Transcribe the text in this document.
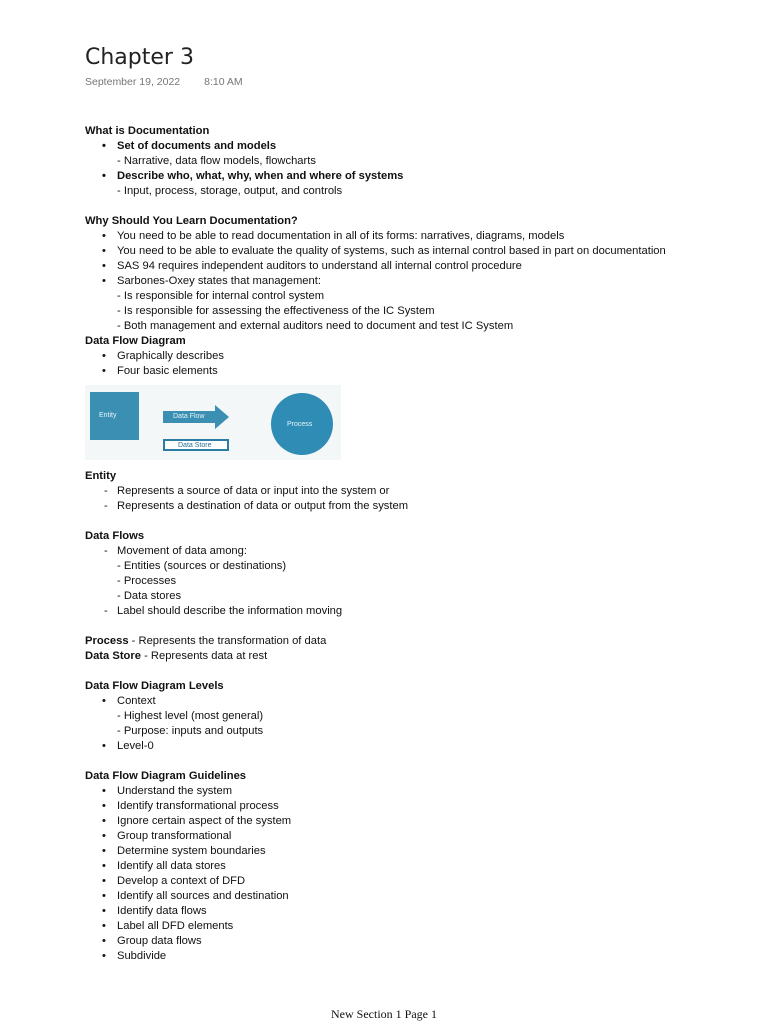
Chapter 3
September 19, 2022 8:10 AM
What is Documentation
• Set of documents and models
- Narrative, data flow models, flowcharts
• Describe who, what, why, when and where of systems
- Input, process, storage, output, and controls
Why Should You Learn Documentation?
• You need to be able to read documentation in all of its forms: narratives, diagrams, models
• You need to be able to evaluate the quality of systems, such as internal control based in part on documentation
• SAS 94 requires independent auditors to understand all internal control procedure
• Sarbones-Oxey states that management:
- Is responsible for internal control system
- Is responsible for assessing the effectiveness of the IC System
- Both management and external auditors need to document and test IC System
Data Flow Diagram
• Graphically describes
• Four basic elements
Entity	Data Flow
Data Store
Process
Entity
- Represents a source of data or input into the system or
- Represents a destination of data or output from the system
Data Flows
- Movement of data among:
- Entities (sources or destinations)
- Processes
- Data stores
- Label should describe the information moving
Process - Represents the transformation of data
Data Store - Represents data at rest
Data Flow Diagram Levels
• Context
- Highest level (most general)
- Purpose: inputs and outputs
• Level-0
Data Flow Diagram Guidelines
• Understand the system
• Identify transformational process
• Ignore certain aspect of the system
• Group transformational
• Determine system boundaries
• Identify all data stores
• Develop a context of DFD
• Identify all sources and destination
• Identify data flows
• Label all DFD elements
• Group data flows
• Subdivide
New Section 1 Page 1
